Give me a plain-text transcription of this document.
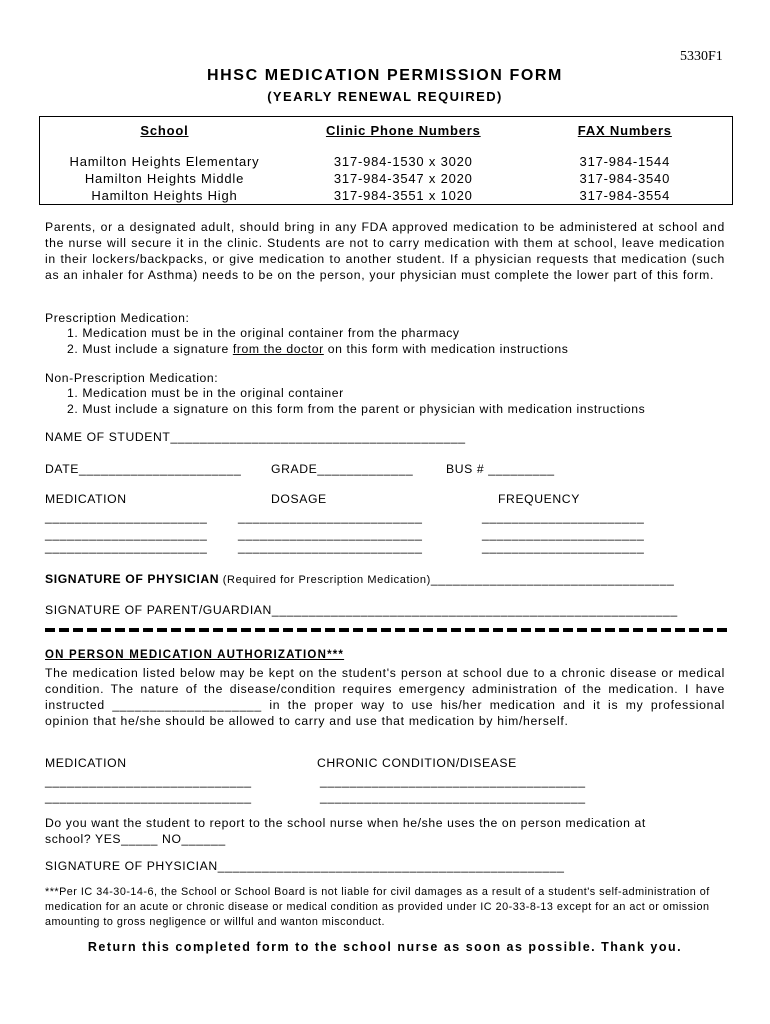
5330F1
HHSC MEDICATION PERMISSION FORM
(YEARLY RENEWAL REQUIRED)
School	Clinic Phone Numbers	FAX Numbers
Hamilton Heights Elementary	317-984-1530 x 3020	317-984-1544
Hamilton Heights Middle	317-984-3547 x 2020	317-984-3540
Hamilton Heights High	317-984-3551 x 1020	317-984-3554
Parents, or a designated adult, should bring in any FDA approved medication to be administered at school and the nurse will secure it in the clinic. Students are not to carry medication with them at school, leave medication in their lockers/backpacks, or give medication to another student. If a physician requests that medication (such as an inhaler for Asthma) needs to be on the person, your physician must complete the lower part of this form.
Prescription Medication:
1. Medication must be in the original container from the pharmacy
2. Must include a signature from the doctor on this form with medication instructions
Non-Prescription Medication:
1. Medication must be in the original container
2. Must include a signature on this form from the parent or physician with medication instructions
NAME OF STUDENT________________________________________
DATE______________________ GRADE_____________	BUS # _________
MEDICATION	DOSAGE	FREQUENCY
______________________	_________________________	______________________
______________________	_________________________	______________________
______________________	_________________________	______________________
SIGNATURE OF PHYSICIAN (Required for Prescription Medication)_________________________________
SIGNATURE OF PARENT/GUARDIAN_______________________________________________________
ON PERSON MEDICATION AUTHORIZATION***
The medication listed below may be kept on the student's person at school due to a chronic disease or medical condition. The nature of the disease/condition requires emergency administration of the medication. I have instructed ____________________ in the proper way to use his/her medication and it is my professional opinion that he/she should be allowed to carry and use that medication by him/herself.
MEDICATION	CHRONIC CONDITION/DISEASE
____________________________	____________________________________
____________________________	____________________________________
Do you want the student to report to the school nurse when he/she uses the on person medication at
school? YES_____ NO______
SIGNATURE OF PHYSICIAN_______________________________________________
***Per IC 34-30-14-6, the School or School Board is not liable for civil damages as a result of a student's self-administration of medication for an acute or chronic disease or medical condition as provided under IC 20-33-8-13 except for an act or omission amounting to gross negligence or willful and wanton misconduct.
Return this completed form to the school nurse as soon as possible. Thank you.
